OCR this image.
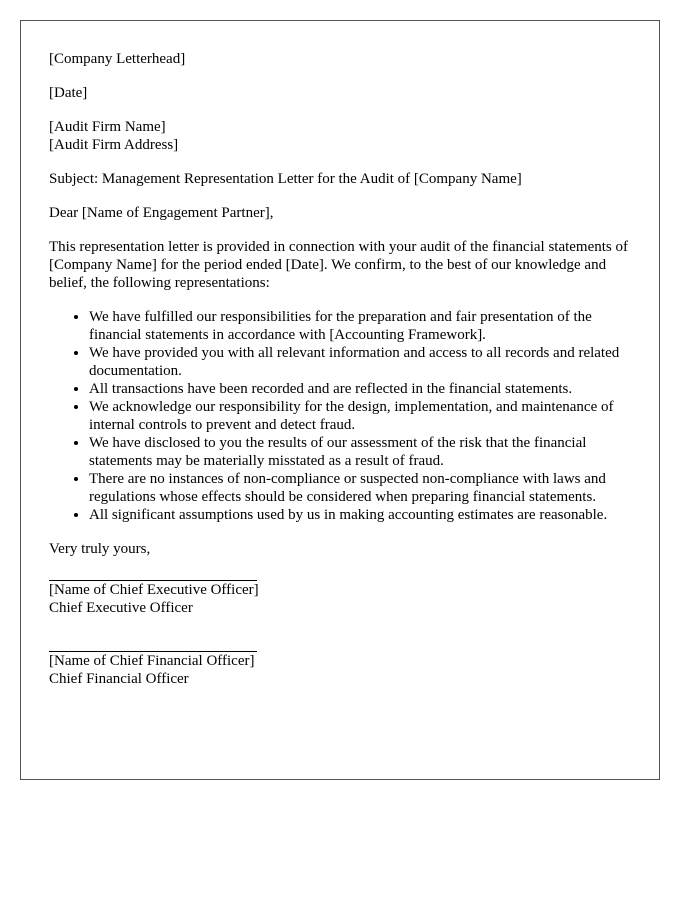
[Company Letterhead]
[Date]
[Audit Firm Name]
[Audit Firm Address]
Subject: Management Representation Letter for the Audit of [Company Name]
Dear [Name of Engagement Partner],
This representation letter is provided in connection with your audit of the financial statements of [Company Name] for the period ended [Date]. We confirm, to the best of our knowledge and belief, the following representations:
• We have fulfilled our responsibilities for the preparation and fair presentation of the financial statements in accordance with [Accounting Framework].
• We have provided you with all relevant information and access to all records and related documentation.
• All transactions have been recorded and are reflected in the financial statements.
• We acknowledge our responsibility for the design, implementation, and maintenance of internal controls to prevent and detect fraud.
• We have disclosed to you the results of our assessment of the risk that the financial statements may be materially misstated as a result of fraud.
• There are no instances of non-compliance or suspected non-compliance with laws and regulations whose effects should be considered when preparing financial statements.
• All significant assumptions used by us in making accounting estimates are reasonable.
Very truly yours,
[Name of Chief Executive Officer]
Chief Executive Officer
[Name of Chief Financial Officer]
Chief Financial Officer
